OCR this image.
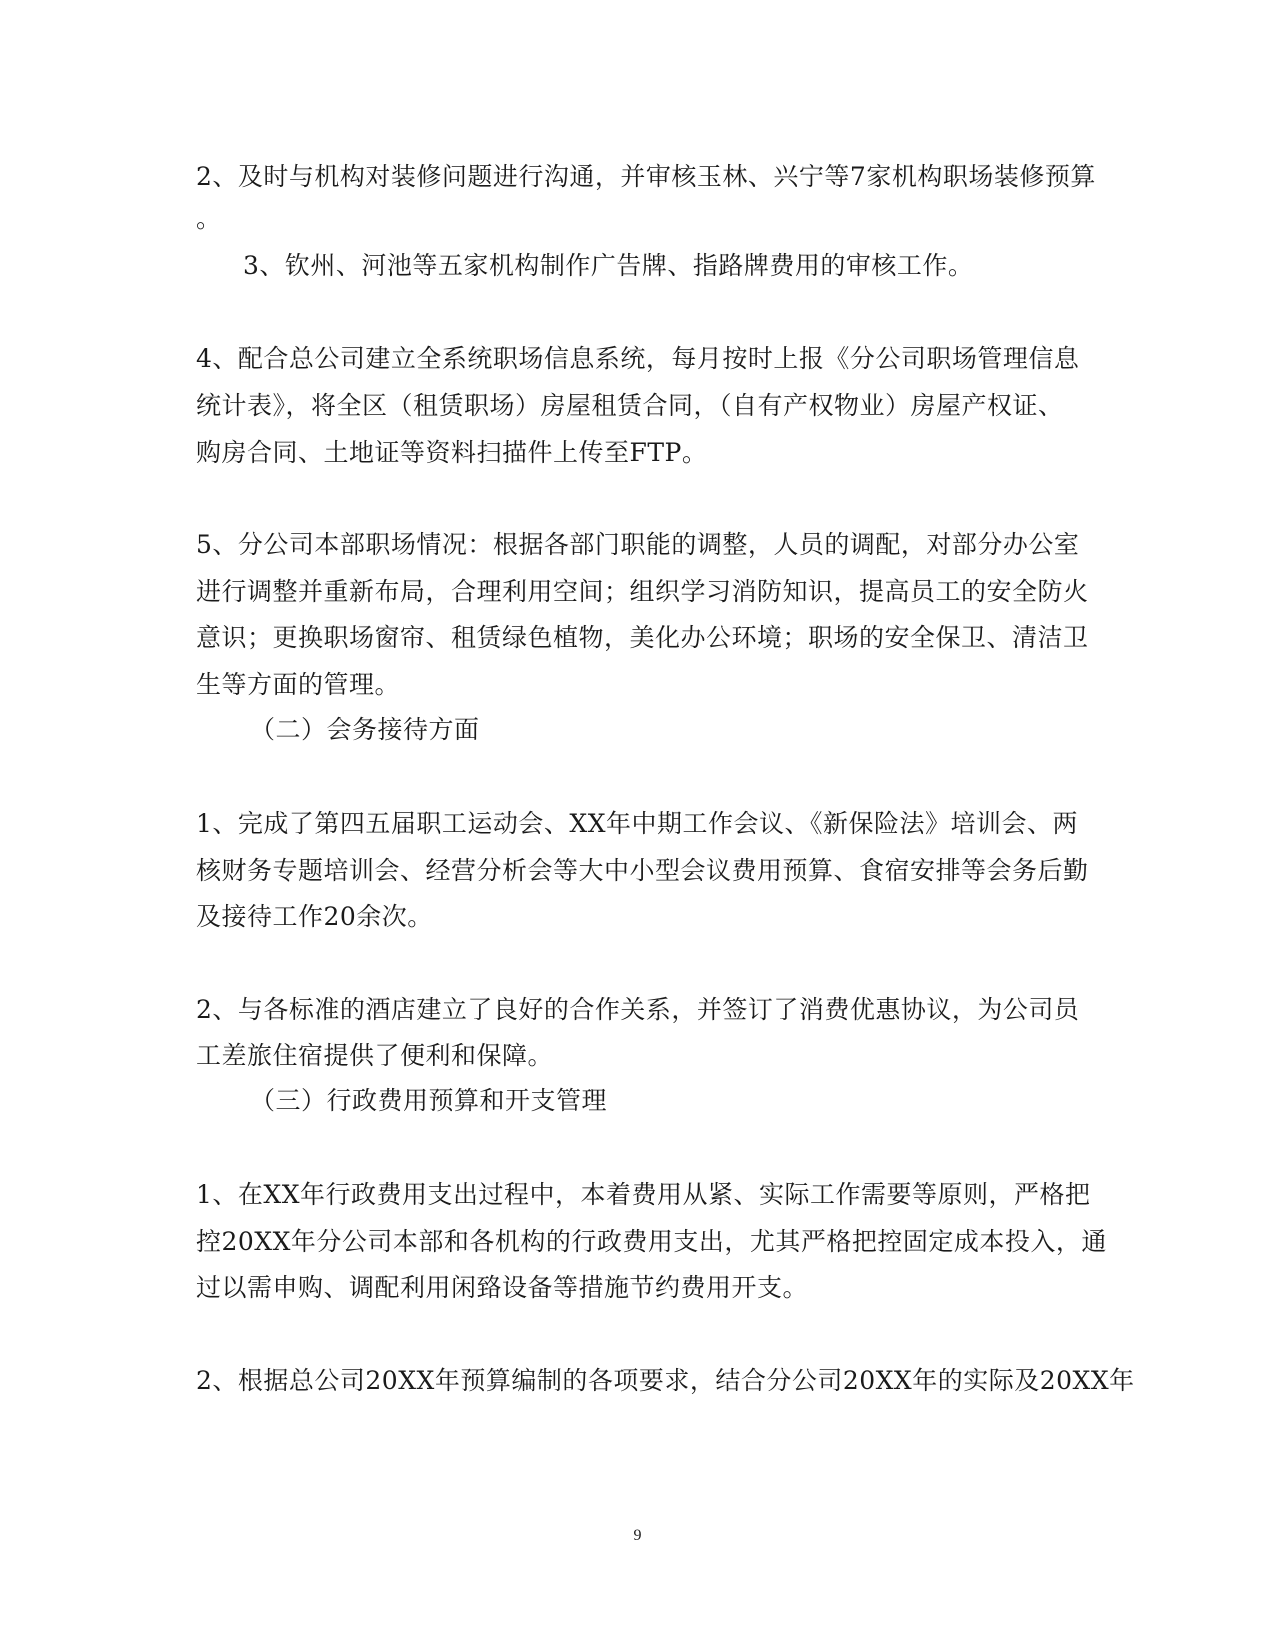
2、及时与机构对装修问题进行沟通，并审核玉林、兴宁等7家机构职场装修预算
。
3、钦州、河池等五家机构制作广告牌、指路牌费用的审核工作。
4、配合总公司建立全系统职场信息系统，每月按时上报《分公司职场管理信息
统计表》，将全区（租赁职场）房屋租赁合同，（自有产权物业）房屋产权证、
购房合同、土地证等资料扫描件上传至FTP。
5、分公司本部职场情况：根据各部门职能的调整，人员的调配，对部分办公室
进行调整并重新布局，合理利用空间；组织学习消防知识，提高员工的安全防火
意识；更换职场窗帘、租赁绿色植物，美化办公环境；职场的安全保卫、清洁卫
生等方面的管理。
（二）会务接待方面
1、完成了第四五届职工运动会、XX年中期工作会议、《新保险法》培训会、两
核财务专题培训会、经营分析会等大中小型会议费用预算、食宿安排等会务后勤
及接待工作20余次。
2、与各标准的酒店建立了良好的合作关系，并签订了消费优惠协议，为公司员
工差旅住宿提供了便利和保障。
（三）行政费用预算和开支管理
1、在XX年行政费用支出过程中，本着费用从紧、实际工作需要等原则，严格把
控20XX年分公司本部和各机构的行政费用支出，尤其严格把控固定成本投入，通
过以需申购、调配利用闲臵设备等措施节约费用开支。
2、根据总公司20XX年预算编制的各项要求，结合分公司20XX年的实际及20XX年
9
